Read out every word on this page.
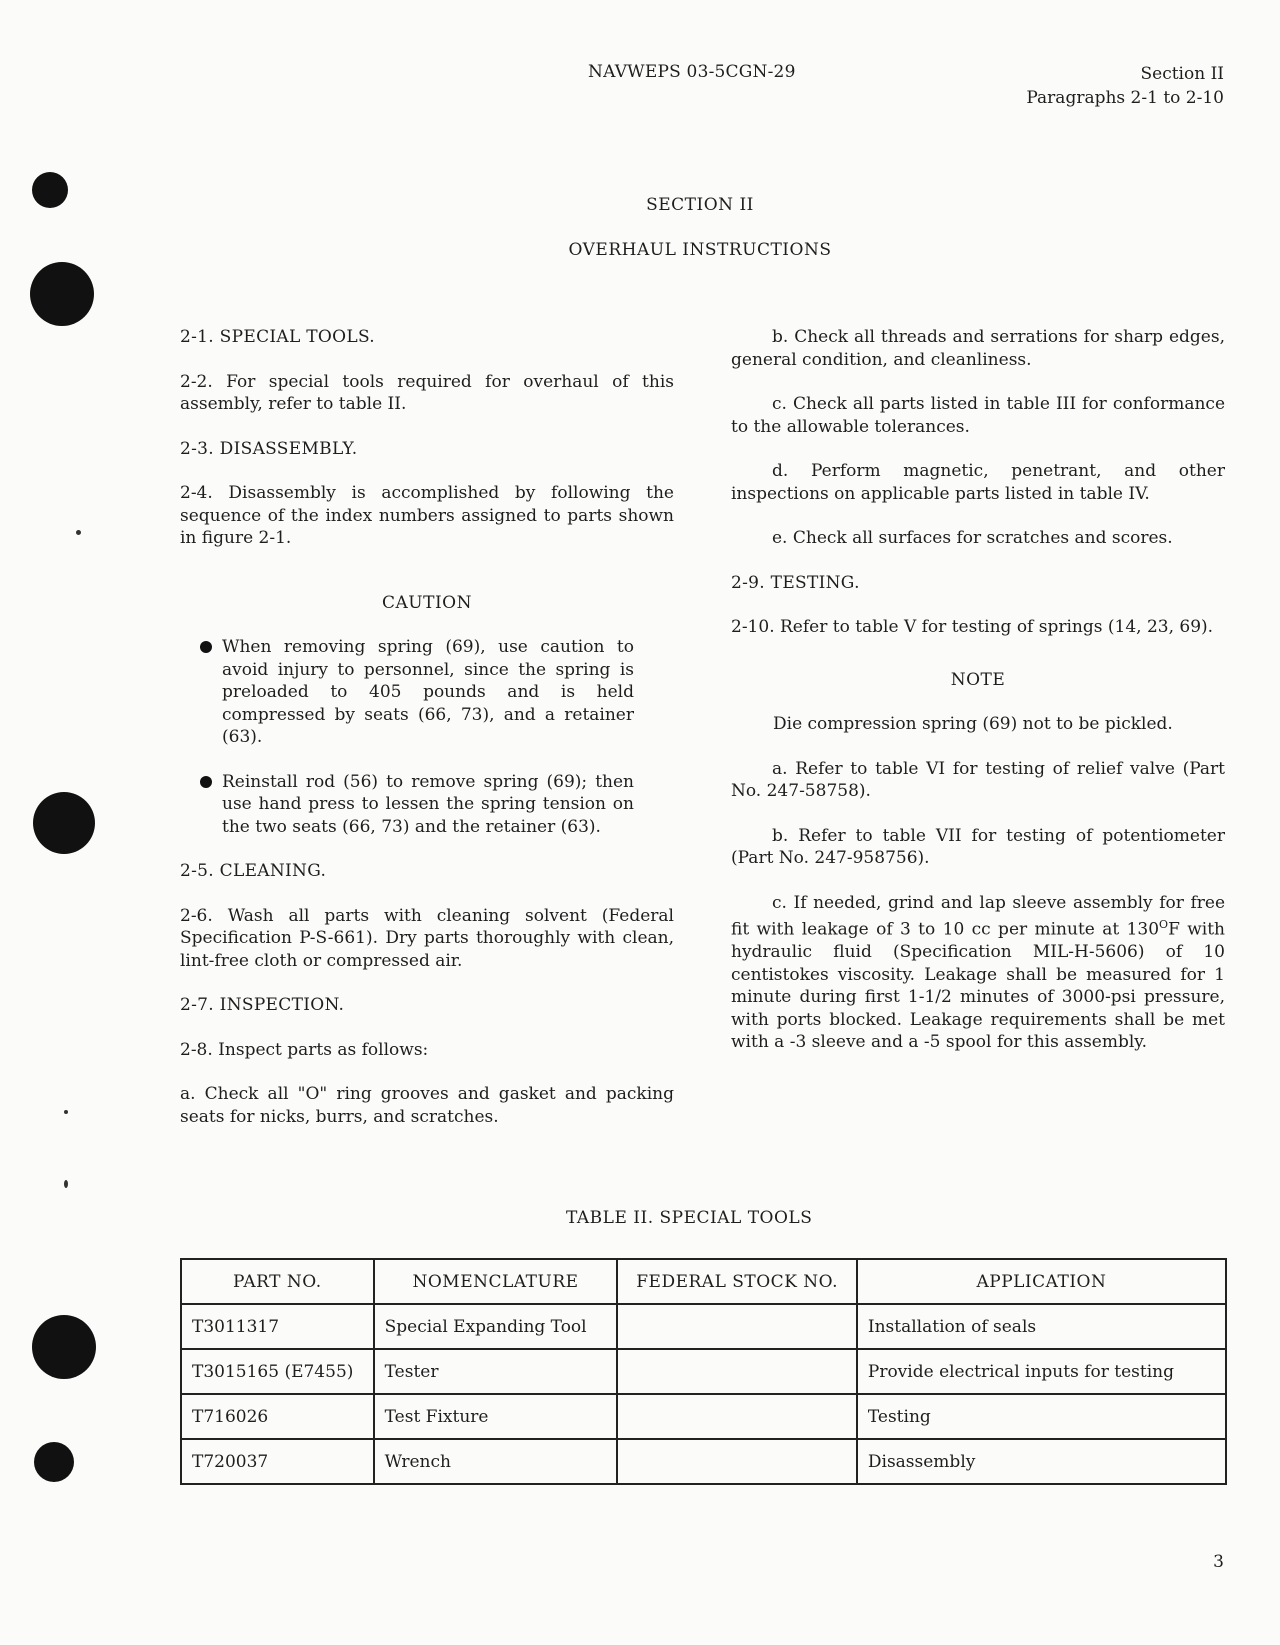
NAVWEPS 03-5CGN-29	Section II
Paragraphs 2-1 to 2-10
SECTION II
OVERHAUL INSTRUCTIONS

2-1. SPECIAL TOOLS.

2-2. For special tools required for overhaul of this assembly, refer to table II.

2-3. DISASSEMBLY.

2-4. Disassembly is accomplished by following the sequence of the index numbers assigned to parts shown in figure 2-1.

CAUTION
When removing spring (69), use caution to avoid injury to personnel, since the spring is preloaded to 405 pounds and is held compressed by seats (66, 73), and a retainer (63).
Reinstall rod (56) to remove spring (69); then use hand press to lessen the spring tension on the two seats (66, 73) and the retainer (63).

2-5. CLEANING.

2-6. Wash all parts with cleaning solvent (Federal Specification P-S-661). Dry parts thoroughly with clean, lint-free cloth or compressed air.

2-7. INSPECTION.

2-8. Inspect parts as follows:

a. Check all "O" ring grooves and gasket and packing seats for nicks, burrs, and scratches.

b. Check all threads and serrations for sharp edges, general condition, and cleanliness.

c. Check all parts listed in table III for conformance to the allowable tolerances.

d. Perform magnetic, penetrant, and other inspections on applicable parts listed in table IV.

e. Check all surfaces for scratches and scores.

2-9. TESTING.

2-10. Refer to table V for testing of springs (14, 23, 69).

NOTE

Die compression spring (69) not to be pickled.

a. Refer to table VI for testing of relief valve (Part No. 247-58758).

b. Refer to table VII for testing of potentiometer (Part No. 247-958756).

c. If needed, grind and lap sleeve assembly for free fit with leakage of 3 to 10 cc per minute at $130^OF$ with hydraulic fluid (Specification MIL-H-5606) of 10 centistokes viscosity. Leakage shall be measured for 1 minute during first 1-1/2 minutes of 3000-psi pressure, with ports blocked. Leakage requirements shall be met with a -3 sleeve and a -5 spool for this assembly.

TABLE II. SPECIAL TOOLS
PART NO.	NOMENCLATURE	FEDERAL STOCK NO.	APPLICATION
T3011317	Special Expanding Tool		Installation of seals
T3015165 (E7455)	Tester		Provide electrical inputs for testing
T716026	Test Fixture		Testing
T720037	Wrench		Disassembly
3
